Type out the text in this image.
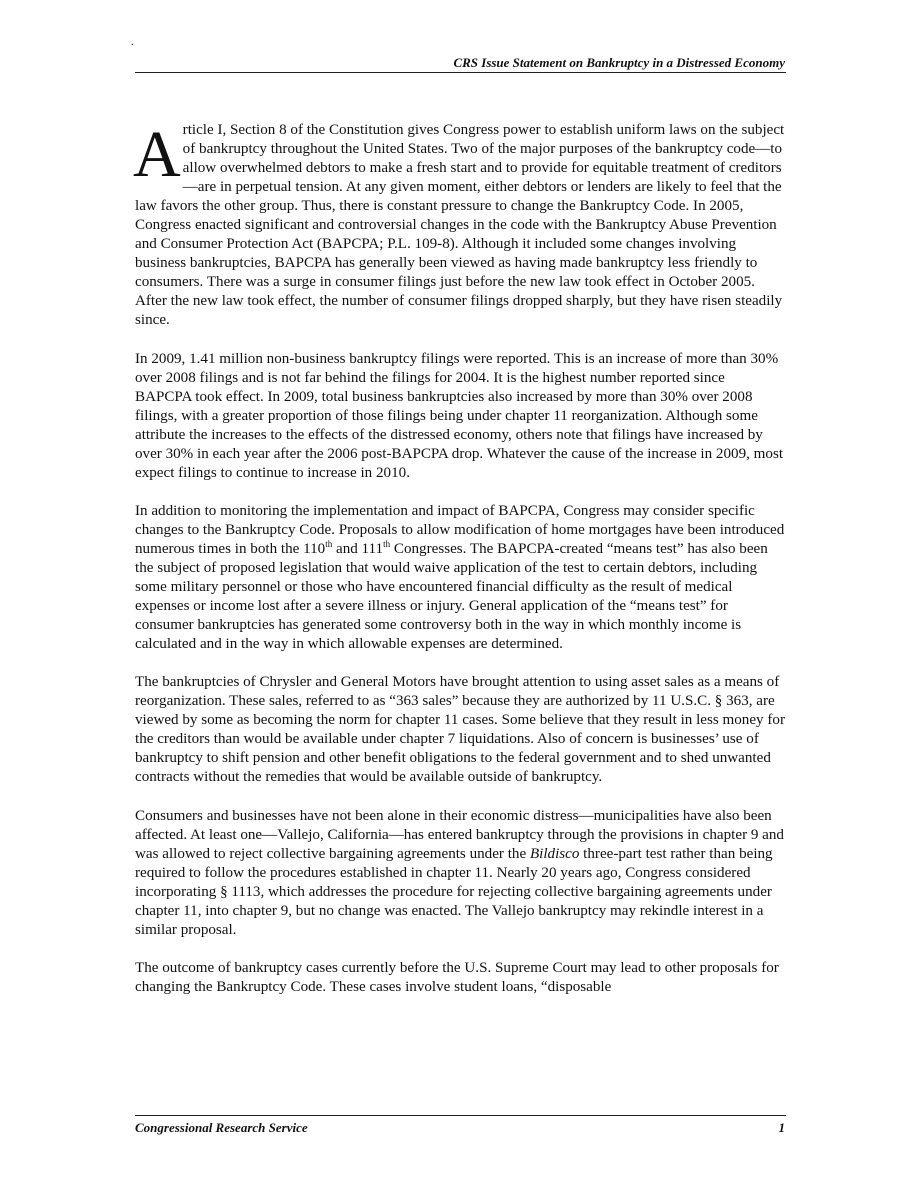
.
CRS Issue Statement on Bankruptcy in a Distressed Economy

Article I, Section 8 of the Constitution gives Congress power to establish uniform laws on the subject of bankruptcy throughout the United States. Two of the major purposes of the bankruptcy code—to allow overwhelmed debtors to make a fresh start and to provide for equitable treatment of creditors—are in perpetual tension. At any given moment, either debtors or lenders are likely to feel that the law favors the other group. Thus, there is constant pressure to change the Bankruptcy Code. In 2005, Congress enacted significant and controversial changes in the code with the Bankruptcy Abuse Prevention and Consumer Protection Act (BAPCPA; P.L. 109-8). Although it included some changes involving business bankruptcies, BAPCPA has generally been viewed as having made bankruptcy less friendly to consumers. There was a surge in consumer filings just before the new law took effect in October 2005. After the new law took effect, the number of consumer filings dropped sharply, but they have risen steadily since.

In 2009, 1.41 million non-business bankruptcy filings were reported. This is an increase of more than 30% over 2008 filings and is not far behind the filings for 2004. It is the highest number reported since BAPCPA took effect. In 2009, total business bankruptcies also increased by more than 30% over 2008 filings, with a greater proportion of those filings being under chapter 11 reorganization. Although some attribute the increases to the effects of the distressed economy, others note that filings have increased by over 30% in each year after the 2006 post-BAPCPA drop. Whatever the cause of the increase in 2009, most expect filings to continue to increase in 2010.

In addition to monitoring the implementation and impact of BAPCPA, Congress may consider specific changes to the Bankruptcy Code. Proposals to allow modification of home mortgages have been introduced numerous times in both the 110th and 111th Congresses. The BAPCPA-created “means test” has also been the subject of proposed legislation that would waive application of the test to certain debtors, including some military personnel or those who have encountered financial difficulty as the result of medical expenses or income lost after a severe illness or injury. General application of the “means test” for consumer bankruptcies has generated some controversy both in the way in which monthly income is calculated and in the way in which allowable expenses are determined.

The bankruptcies of Chrysler and General Motors have brought attention to using asset sales as a means of reorganization. These sales, referred to as “363 sales” because they are authorized by 11 U.S.C. § 363, are viewed by some as becoming the norm for chapter 11 cases. Some believe that they result in less money for the creditors than would be available under chapter 7 liquidations. Also of concern is businesses’ use of bankruptcy to shift pension and other benefit obligations to the federal government and to shed unwanted contracts without the remedies that would be available outside of bankruptcy.

Consumers and businesses have not been alone in their economic distress—municipalities have also been affected. At least one—Vallejo, California—has entered bankruptcy through the provisions in chapter 9 and was allowed to reject collective bargaining agreements under the Bildisco three-part test rather than being required to follow the procedures established in chapter 11. Nearly 20 years ago, Congress considered incorporating § 1113, which addresses the procedure for rejecting collective bargaining agreements under chapter 11, into chapter 9, but no change was enacted. The Vallejo bankruptcy may rekindle interest in a similar proposal.

The outcome of bankruptcy cases currently before the U.S. Supreme Court may lead to other proposals for changing the Bankruptcy Code. These cases involve student loans, “disposable

Congressional Research Service	1
